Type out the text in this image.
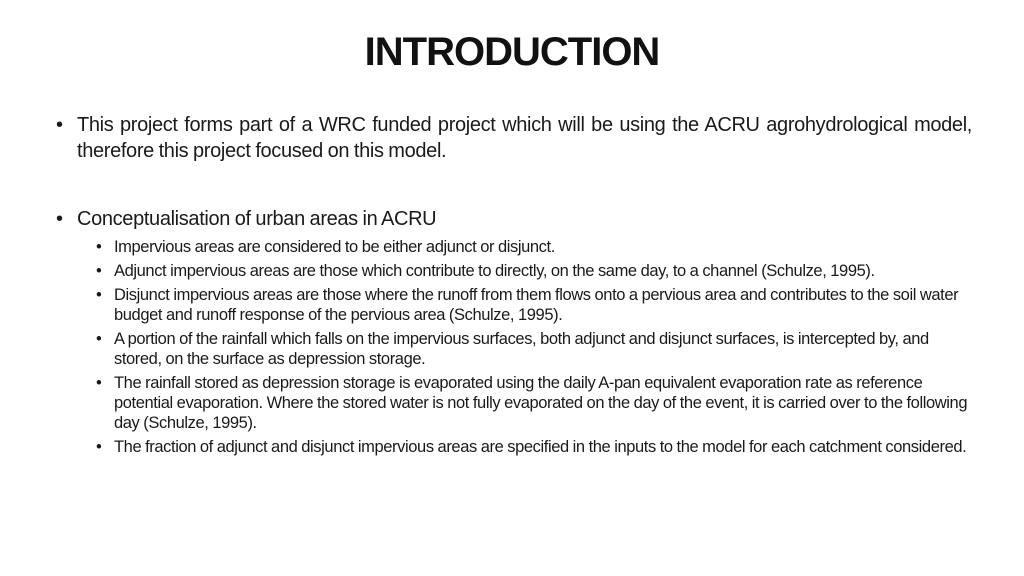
INTRODUCTION
• This project forms part of a WRC funded project which will be using the ACRU agrohydrological model, therefore this project focused on this model.
• Conceptualisation of urban areas in ACRU
• Impervious areas are considered to be either adjunct or disjunct.
• Adjunct impervious areas are those which contribute to directly, on the same day, to a channel (Schulze, 1995).
• Disjunct impervious areas are those where the runoff from them flows onto a pervious area and contributes to the soil water budget and runoff response of the pervious area (Schulze, 1995).
• A portion of the rainfall which falls on the impervious surfaces, both adjunct and disjunct surfaces, is intercepted by, and stored, on the surface as depression storage.
• The rainfall stored as depression storage is evaporated using the daily A-pan equivalent evaporation rate as reference potential evaporation. Where the stored water is not fully evaporated on the day of the event, it is carried over to the following day (Schulze, 1995).
• The fraction of adjunct and disjunct impervious areas are specified in the inputs to the model for each catchment considered.
